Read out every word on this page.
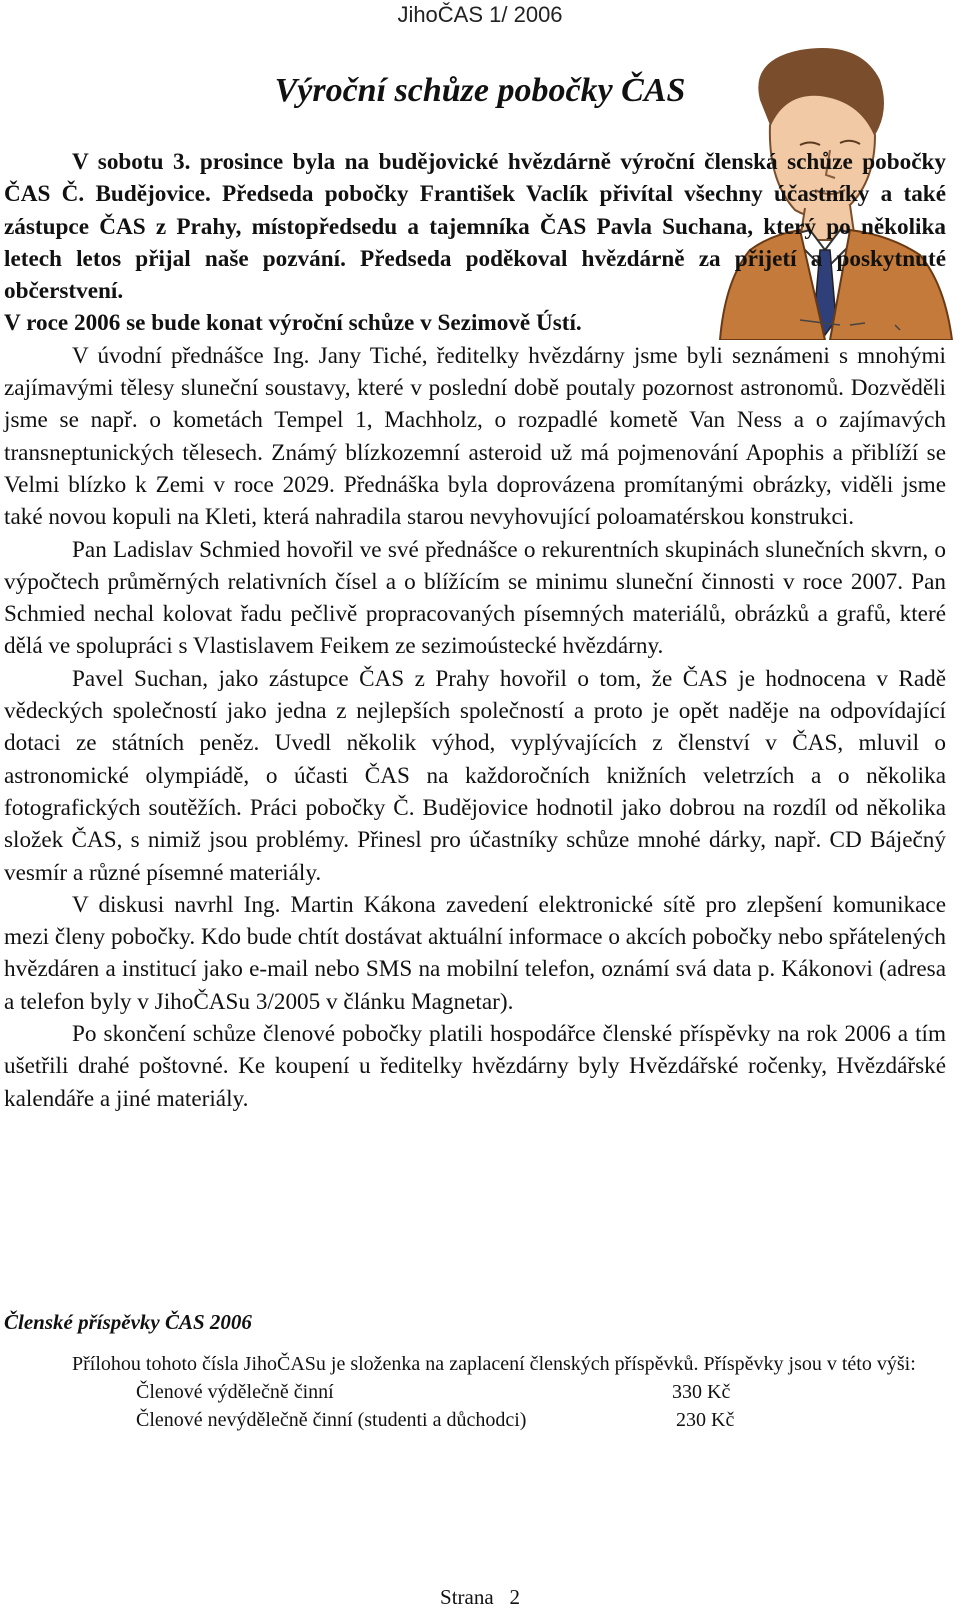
JihoČAS 1/ 2006
Výroční schůze pobočky ČAS

V sobotu 3. prosince byla na budějovické hvězdárně výroční členská schůze pobočky ČAS Č. Budějovice. Předseda pobočky František Vaclík přivítal všechny účastníky a také zástupce ČAS z Prahy, místopředsedu a tajemníka ČAS Pavla Suchana, který po několika letech letos přijal naše pozvání. Předseda poděkoval hvězdárně za přijetí a poskytnuté občerstvení.
V roce 2006 se bude konat výroční schůze v Sezimově Ústí.

V úvodní přednášce Ing. Jany Tiché, ředitelky hvězdárny jsme byli seznámeni s mnohými zajímavými tělesy sluneční soustavy, které v poslední době poutaly pozornost astronomů. Dozvěděli jsme se např. o kometách Tempel 1, Machholz, o rozpadlé kometě Van Ness a o zajímavých transneptunických tělesech. Známý blízkozemní asteroid už má pojmenování Apophis a přiblíží se Velmi blízko k Zemi v roce 2029. Přednáška byla doprovázena promítanými obrázky, viděli jsme také novou kopuli na Kleti, která nahradila starou nevyhovující poloamatérskou konstrukci.

Pan Ladislav Schmied hovořil ve své přednášce o rekurentních skupinách slunečních skvrn, o výpočtech průměrných relativních čísel a o blížícím se minimu sluneční činnosti v roce 2007. Pan Schmied nechal kolovat řadu pečlivě propracovaných písemných materiálů, obrázků a grafů, které dělá ve spolupráci s Vlastislavem Feikem ze sezimoústecké hvězdárny.

Pavel Suchan, jako zástupce ČAS z Prahy hovořil o tom, že ČAS je hodnocena v Radě vědeckých společností jako jedna z nejlepších společností a proto je opět naděje na odpovídající dotaci ze státních peněz. Uvedl několik výhod, vyplývajících z členství v ČAS, mluvil o astronomické olympiádě, o účasti ČAS na každoročních knižních veletrzích a o několika fotografických soutěžích. Práci pobočky Č. Budějovice hodnotil jako dobrou na rozdíl od několika složek ČAS, s nimiž jsou problémy. Přinesl pro účastníky schůze mnohé dárky, např. CD Báječný vesmír a různé písemné materiály.

V diskusi navrhl Ing. Martin Kákona zavedení elektronické sítě pro zlepšení komunikace mezi členy pobočky. Kdo bude chtít dostávat aktuální informace o akcích pobočky nebo spřátelených hvězdáren a institucí jako e-mail nebo SMS na mobilní telefon, oznámí svá data p. Kákonovi (adresa a telefon byly v JihoČASu 3/2005 v článku Magnetar).

Po skončení schůze členové pobočky platili hospodářce členské příspěvky na rok 2006 a tím ušetřili drahé poštovné. Ke koupení u ředitelky hvězdárny byly Hvězdářské ročenky, Hvězdářské kalendáře a jiné materiály.

Členské příspěvky ČAS 2006

Přílohou tohoto čísla JihoČASu je složenka na zaplacení členských příspěvků. Příspěvky jsou v této výši:

Členové výdělečně činní	330 Kč
Členové nevýdělečně činní (studenti a důchodci)	230 Kč
Strana   2
